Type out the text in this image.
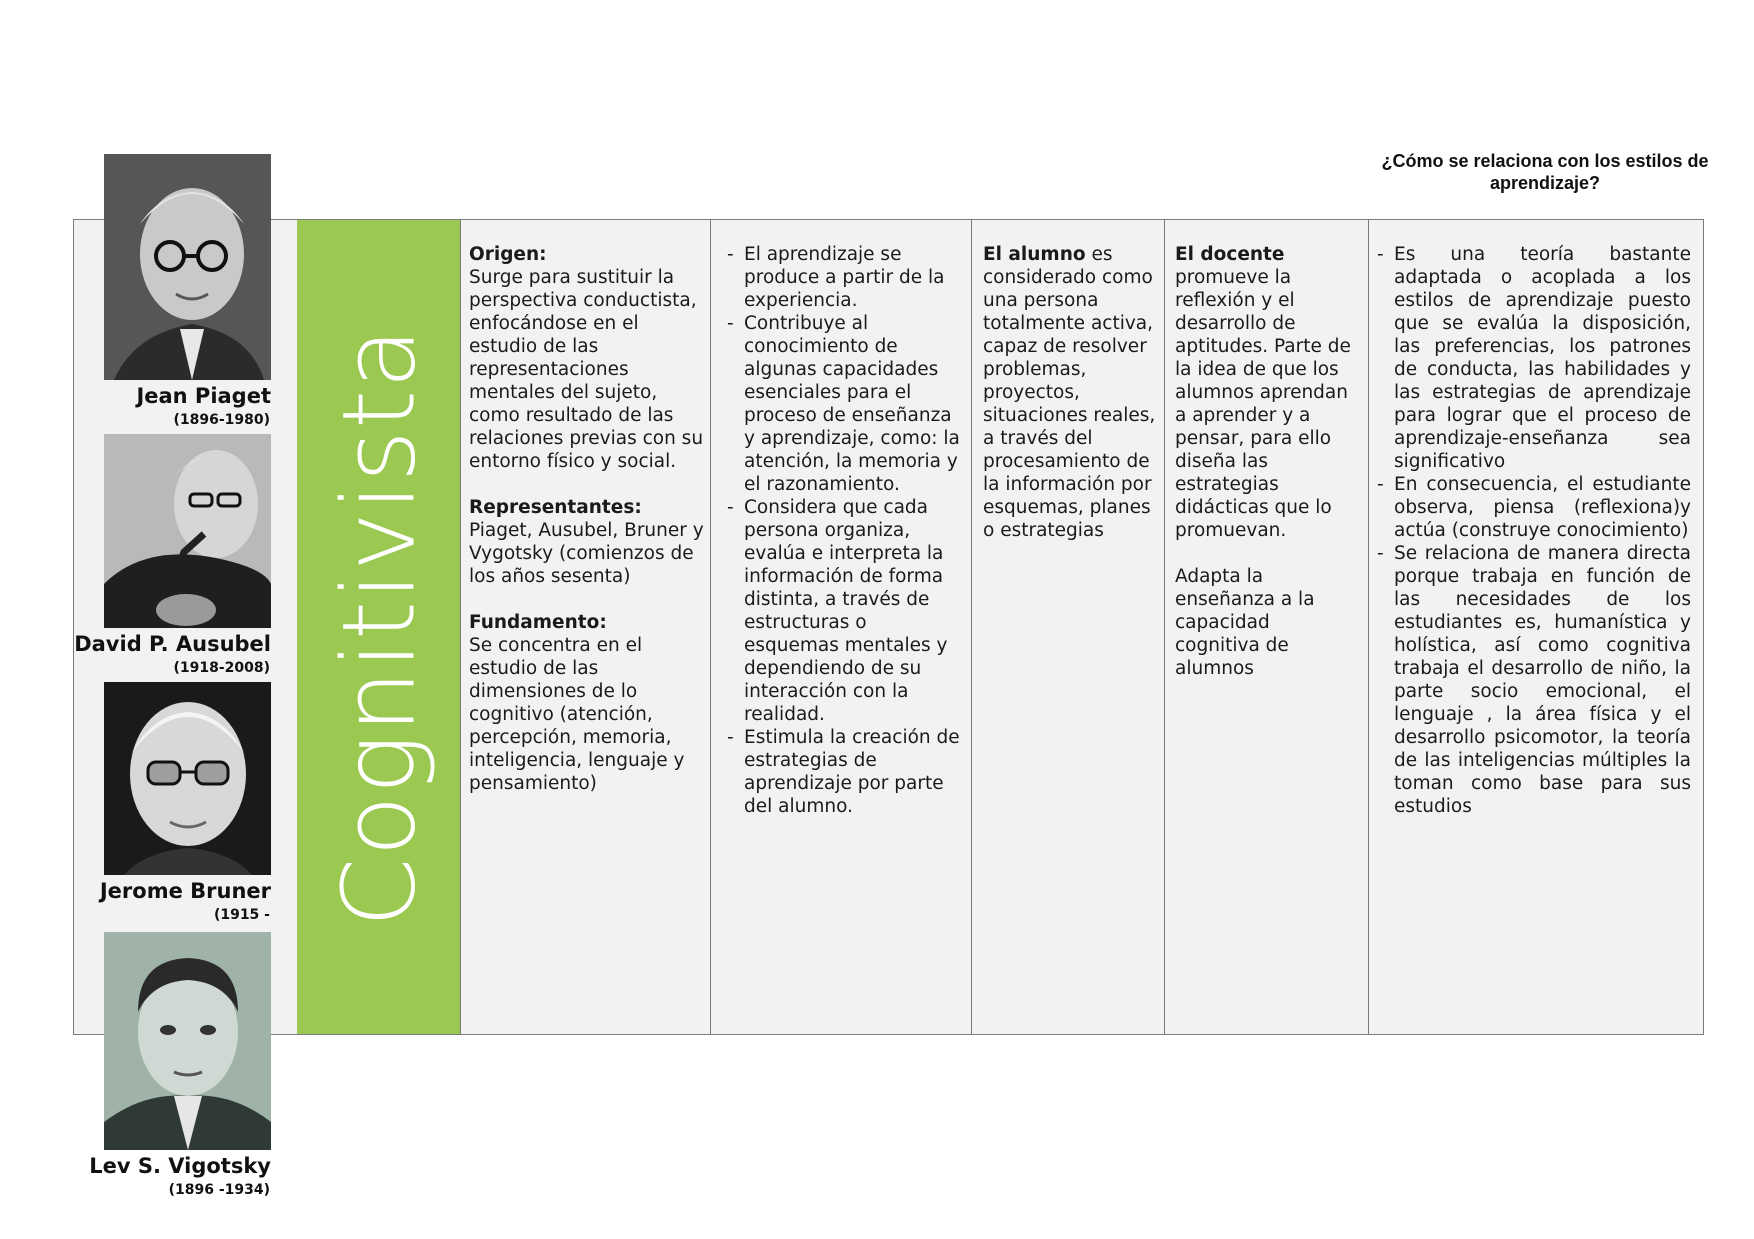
¿Cómo se relaciona con los estilos de aprendizaje?
Cognitivista
Jean Piaget
(1896-1980)
David P. Ausubel
(1918-2008)
Jerome Bruner
(1915 -
Lev S. Vigotsky
(1896 -1934)

Origen:

Surge para sustituir la perspectiva conductista, enfocándose en el estudio de las representaciones mentales del sujeto, como resultado de las relaciones previas con su entorno físico y social.

Representantes:

Piaget, Ausubel, Bruner y Vygotsky (comienzos de los años sesenta)

Fundamento:

Se concentra en el estudio de las dimensiones de lo cognitivo (atención, percepción, memoria, inteligencia, lenguaje y pensamiento)

- El aprendizaje se produce a partir de la experiencia.
- Contribuye al conocimiento de algunas capacidades esenciales para el proceso de enseñanza y aprendizaje, como: la atención, la memoria y el razonamiento.
- Considera que cada persona organiza, evalúa e interpreta la información de forma distinta, a través de estructuras o esquemas mentales y dependiendo de su interacción con la realidad.
- Estimula la creación de estrategias de aprendizaje por parte del alumno.

El alumno es considerado como una persona totalmente activa, capaz de resolver problemas, proyectos, situaciones reales, a través del procesamiento de la información por esquemas, planes o estrategias

El docente promueve la reflexión y el desarrollo de aptitudes. Parte de la idea de que los alumnos aprendan a aprender y a pensar, para ello diseña las estrategias didácticas que lo promuevan.

Adapta la enseñanza a la capacidad cognitiva de alumnos

- Es una teoría bastante adaptada o acoplada a los estilos de aprendizaje puesto que se evalúa la disposición, las preferencias, los patrones de conducta, las habilidades y las estrategias de aprendizaje para lograr que el proceso de aprendizaje-enseñanza sea significativo
- En consecuencia, el estudiante observa, piensa (reflexiona)y actúa (construye conocimiento)
- Se relaciona de manera directa porque trabaja en función de las necesidades de los estudiantes es, humanística y holística, así como cognitiva trabaja el desarrollo de niño, la parte socio emocional, el lenguaje , la área física y el desarrollo psicomotor, la teoría de las inteligencias múltiples la toman como base para sus estudios
